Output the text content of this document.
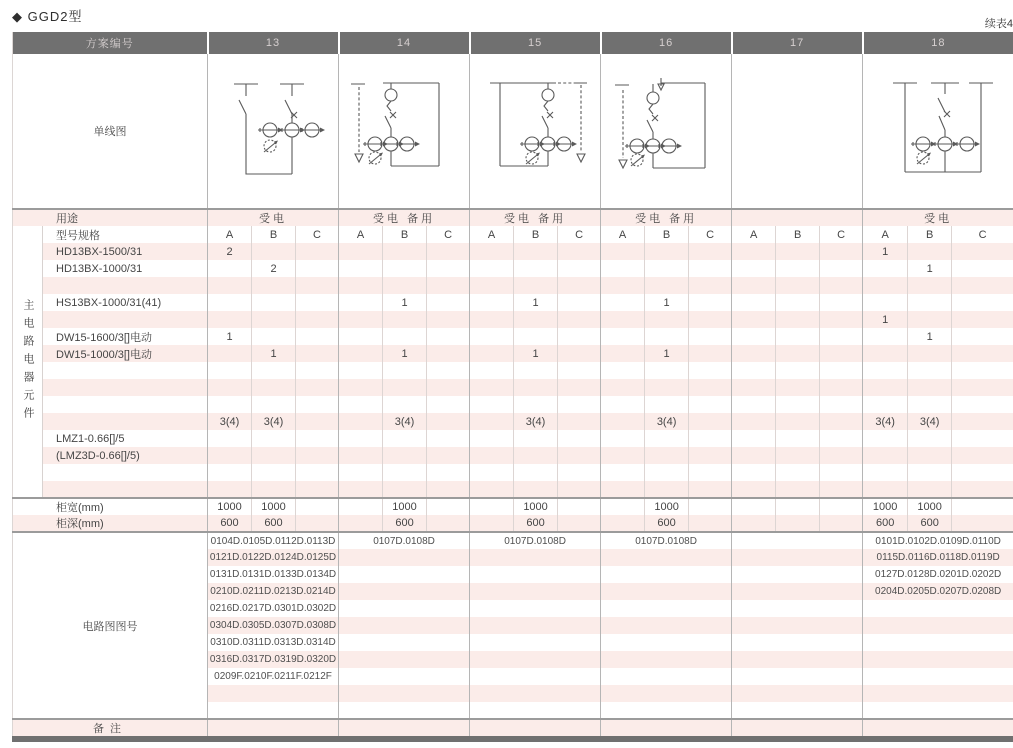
◆ GGD2型	续表4
方案编号		13			14			15			16			17			18		
单线图	

用途		受电			受电 备用			受电 备用			受电 备用						受电		

主电路电器元件	型号规格	A	B	C	A	B	C	A	B	C	A	B	C	A	B	C	A	B	C
	HD13BX-1500/31	2															1		
	HD13BX-1000/31		2															1	

	HS13BX-1000/31(41)					1			1			1							
																	1		
	DW15-1600/3[]电动	1																1	
	DW15-1000/3[]电动		1			1			1			1							

		3(4)	3(4)			3(4)			3(4)			3(4)					3(4)	3(4)	
	LMZ1-0.66[]/5																		
	(LMZ3D-0.66[]/5)																		

柜宽(mm)		1000	1000			1000			1000			1000					1000	1000	
柜深(mm)		600	600			600			600			600					600	600	
电路图图号		0104D.0105D.0112D.0113D			0107D.0108D			0107D.0108D			0107D.0108D						0101D.0102D.0109D.0110D		
		0121D.0122D.0124D.0125D															0115D.0116D.0118D.0119D		
		0131D.0131D.0133D.0134D															0127D.0128D.0201D.0202D		
		0210D.0211D.0213D.0214D															0204D.0205D.0207D.0208D		
		0216D.0217D.0301D.0302D																	
		0304D.0305D.0307D.0308D																	
		0310D.0311D.0313D.0314D																	
		0316D.0317D.0319D.0320D																	
		0209F.0210F.0211F.0212F																	

备注																			
